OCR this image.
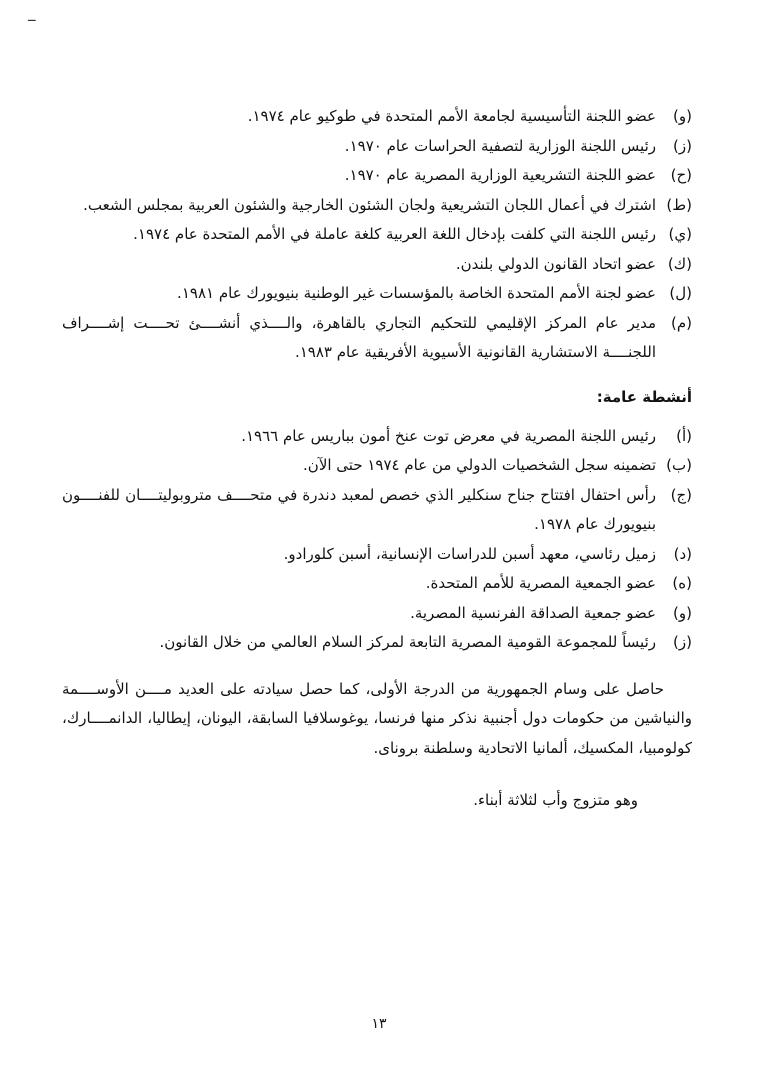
ــ
(و)
عضو اللجنة التأسيسية لجامعة الأمم المتحدة في طوكيو عام ١٩٧٤.
(ز)
رئيس اللجنة الوزارية لتصفية الحراسات عام ١٩٧٠.
(ح)
عضو اللجنة التشريعية الوزارية المصرية عام ١٩٧٠.
(ط)
اشترك في أعمال اللجان التشريعية ولجان الشئون الخارجية والشئون العربية بمجلس الشعب.
(ي)
رئيس اللجنة التي كلفت بإدخال اللغة العربية كلغة عاملة في الأمم المتحدة عام ١٩٧٤.
(ك)
عضو اتحاد القانون الدولي بلندن.
(ل)
عضو لجنة الأمم المتحدة الخاصة بالمؤسسات غير الوطنية بنيويورك عام ١٩٨١.
(م)
مدير عام المركز الإقليمي للتحكيم التجاري بالقاهرة، والــــذي أنشــــئ تحــــت إشــــراف اللجنــــة الاستشارية القانونية الأسيوية الأفريقية عام ١٩٨٣.
أنشطة عامة:
(أ)
رئيس اللجنة المصرية في معرض توت عنخ أمون بباريس عام ١٩٦٦.
(ب)
تضمينه سجل الشخصيات الدولي من عام ١٩٧٤ حتى الآن.
(ج)
رأس احتفال افتتاح جناح سنكلير الذي خصص لمعبد دندرة في متحــــف متروبوليتــــان للفنــــون بنيويورك عام ١٩٧٨.
(د)
زميل رئاسي، معهد أسبن للدراسات الإنسانية، أسبن كلورادو.
(ه)
عضو الجمعية المصرية للأمم المتحدة.
(و)
عضو جمعية الصداقة الفرنسية المصرية.
(ز)
رئيساً للمجموعة القومية المصرية التابعة لمركز السلام العالمي من خلال القانون.

حاصل على وسام الجمهورية من الدرجة الأولى، كما حصل سيادته على العديد مــــن الأوســــمة والنياشين من حكومات دول أجنبية نذكر منها فرنسا، يوغوسلافيا السابقة، اليونان، إيطاليا، الدانمــــارك، كولومبيا، المكسيك، ألمانيا الاتحادية وسلطنة بروناى.

وهو متزوج وأب لثلاثة أبناء.

١٣
